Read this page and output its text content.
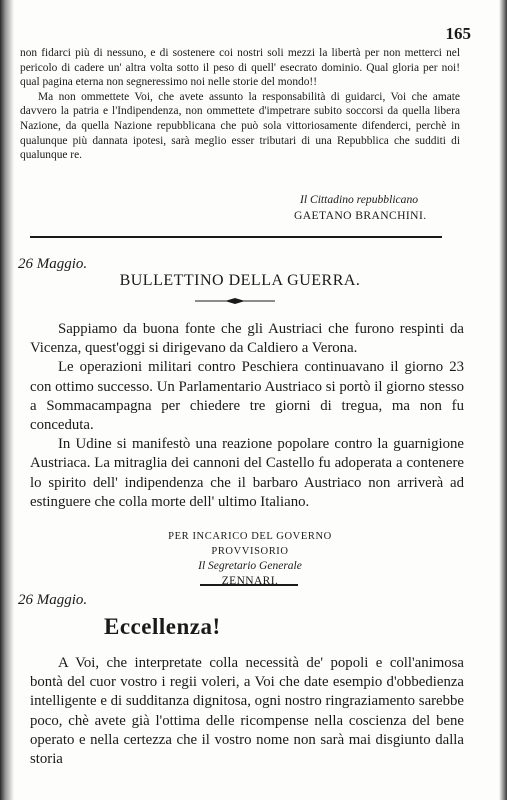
165

non fidarci più di nessuno, e di sostenere coi nostri soli mezzi la libertà per non metterci nel pericolo di cadere un' altra volta sotto il peso di quell' esecrato dominio. Qual gloria per noi! qual pagina eterna non segneressimo noi nelle storie del mondo!!

Ma non ommettete Voi, che avete assunto la responsabilità di guidarci, Voi che amate davvero la patria e l'Indipendenza, non ommettete d'impetrare subito soccorsi da quella libera Nazione, da quella Nazione repubblicana che può sola vittoriosamente difenderci, perchè in qualunque più dannata ipotesi, sarà meglio esser tributari di una Repubblica che sudditi di qualunque re.

Il Cittadino repubblicano
GAETANO BRANCHINI.
26 Maggio.
BULLETTINO DELLA GUERRA.

Sappiamo da buona fonte che gli Austriaci che furono respinti da Vicenza, quest'oggi si dirigevano da Caldiero a Verona.

Le operazioni militari contro Peschiera continuavano il giorno 23 con ottimo successo. Un Parlamentario Austriaco si portò il giorno stesso a Sommacampagna per chiedere tre giorni di tregua, ma non fu conceduta.

In Udine si manifestò una reazione popolare contro la guarnigione Austriaca. La mitraglia dei cannoni del Castello fu adoperata a contenere lo spirito dell' indipendenza che il barbaro Austriaco non arriverà ad estinguere che colla morte dell' ultimo Italiano.

PER INCARICO DEL GOVERNO PROVVISORIO
Il Segretario Generale
ZENNARI.
26 Maggio.
Eccellenza!

A Voi, che interpretate colla necessità de' popoli e coll'animosa bontà del cuor vostro i regii voleri, a Voi che date esempio d'obbedienza intelligente e di sudditanza dignitosa, ogni nostro ringraziamento sarebbe poco, chè avete già l'ottima delle ricompense nella coscienza del bene operato e nella certezza che il vostro nome non sarà mai disgiunto dalla storia
